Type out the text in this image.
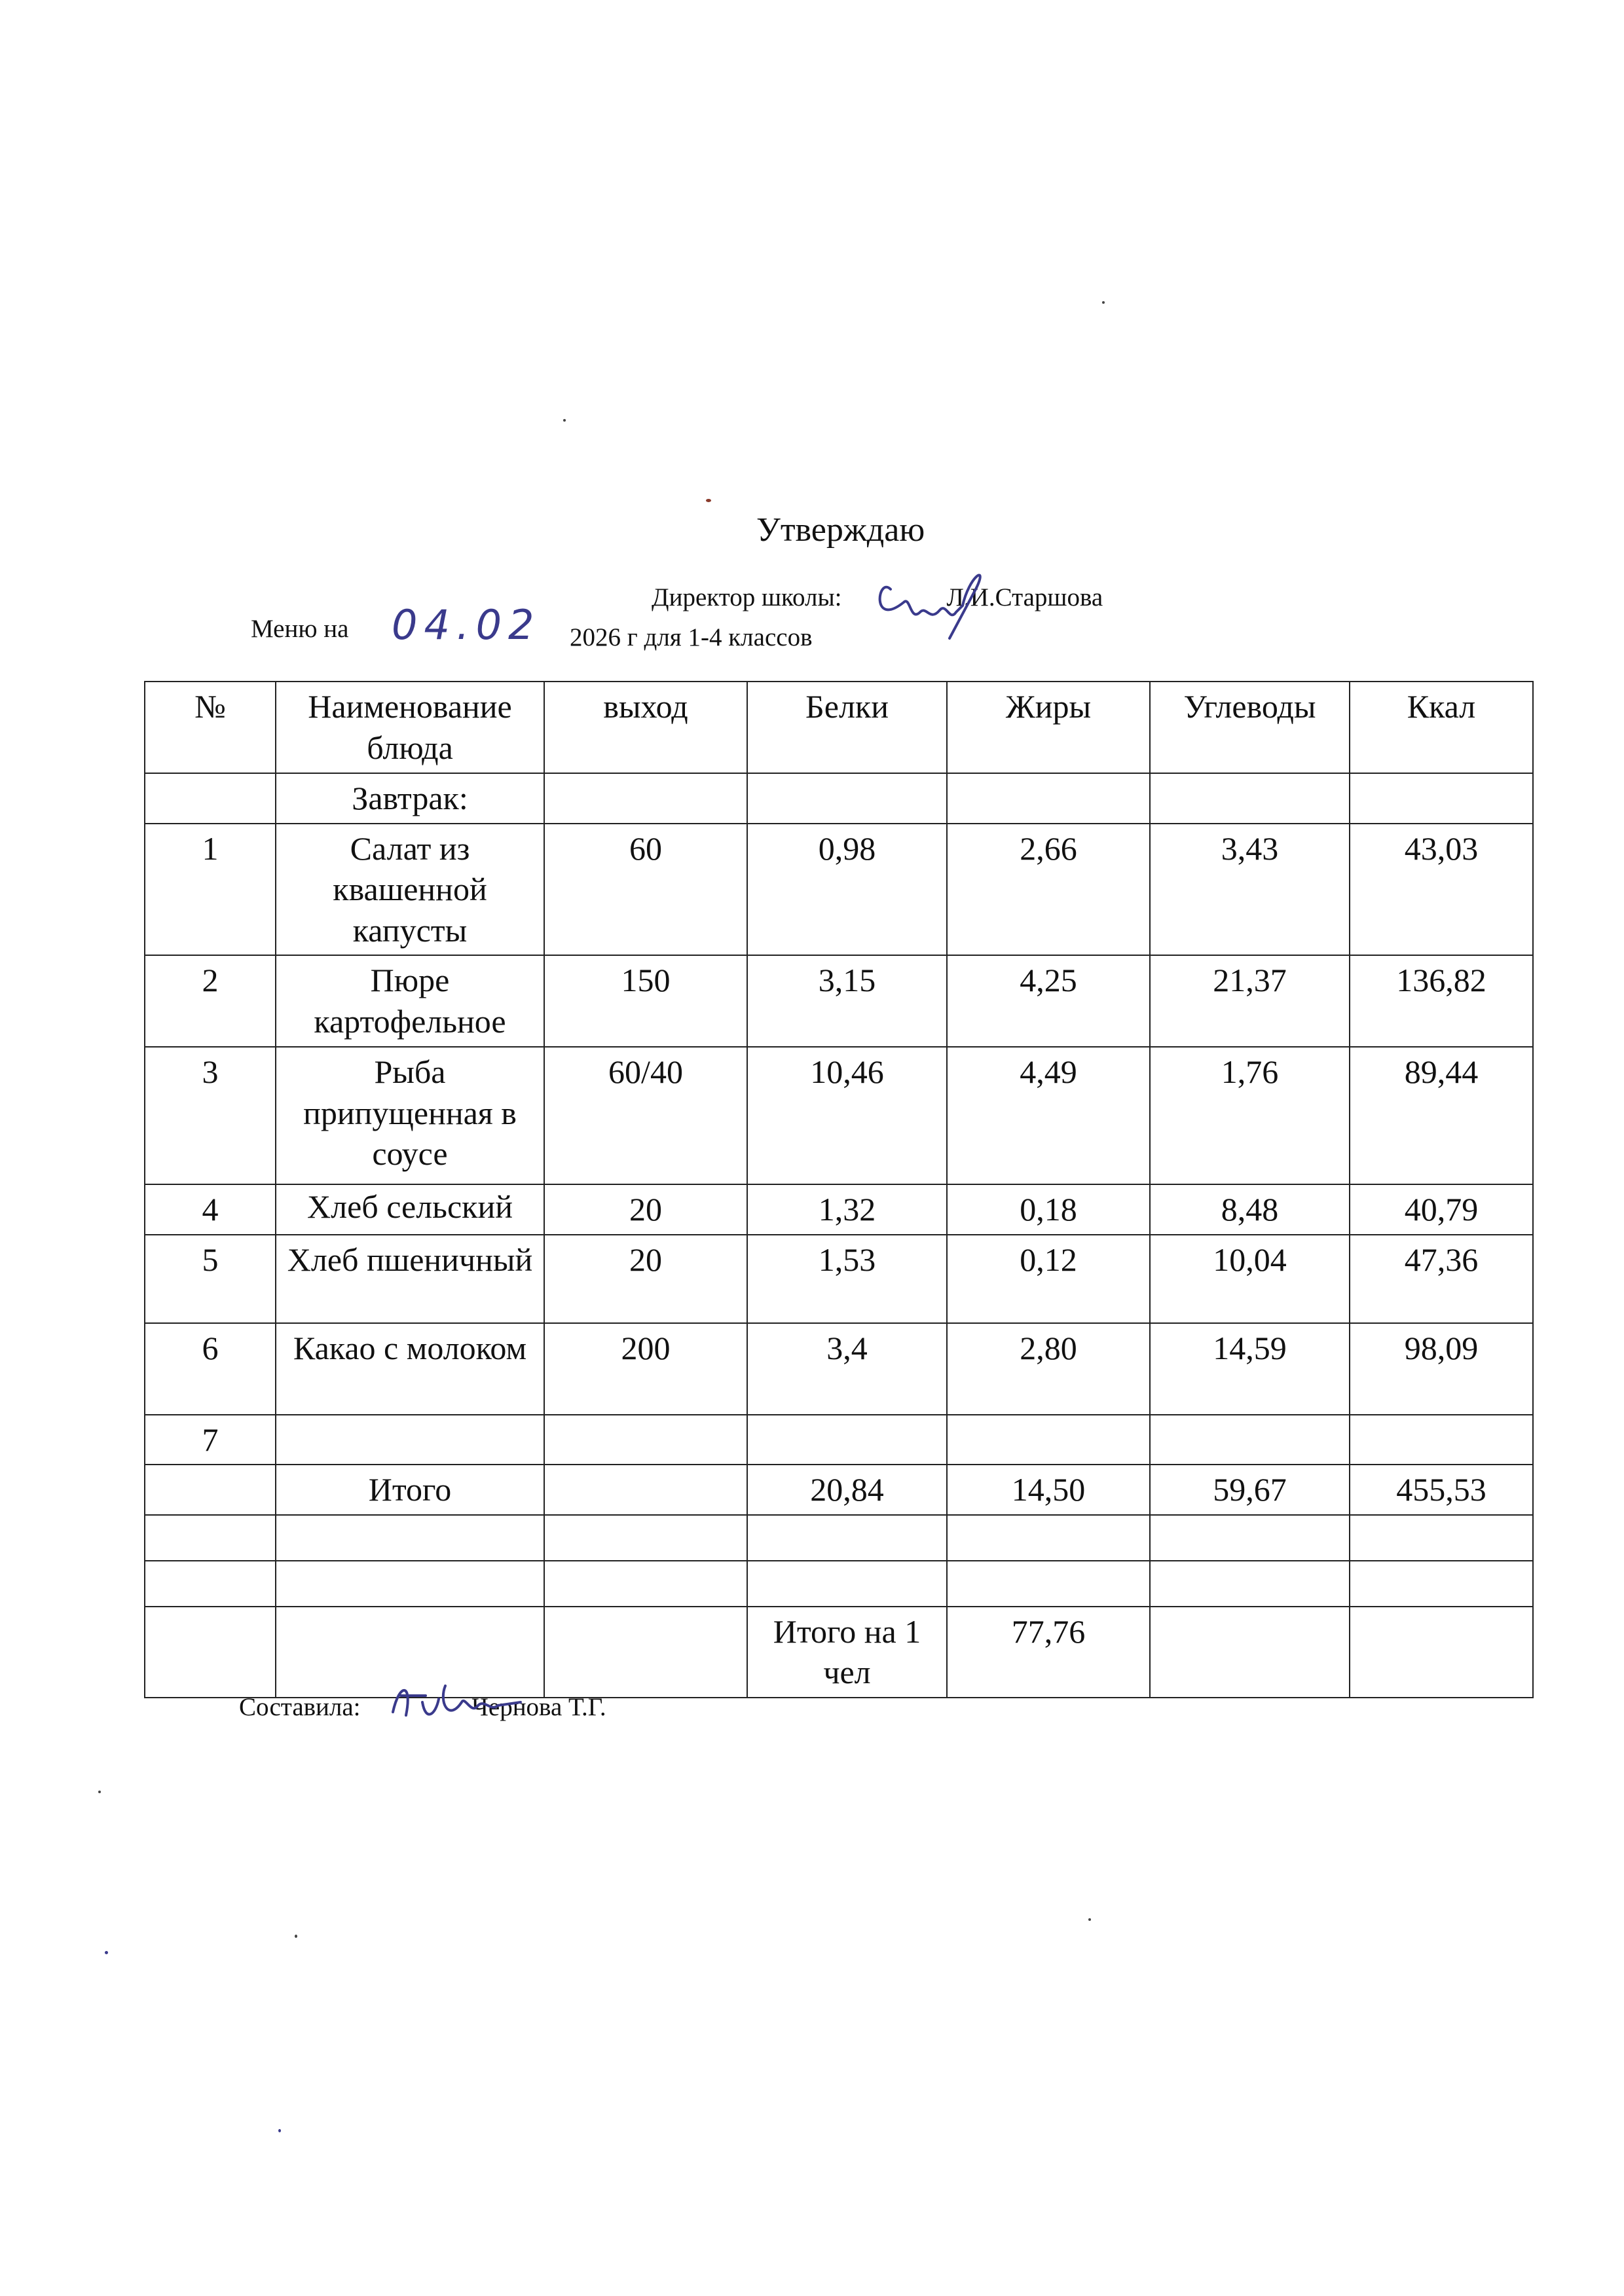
Утверждаю
Директор школы:	Л.И.Старшова
Меню на 04.02 2026 г для 1-4 классов
№	Наименование блюда	выход	Белки	Жиры	Углеводы	Ккал
	Завтрак:					
1	Салат из квашенной капусты	60	0,98	2,66	3,43	43,03
2	Пюре картофельное	150	3,15	4,25	21,37	136,82
3	Рыба припущенная в соусе	60/40	10,46	4,49	1,76	89,44
4	Хлеб сельский	20	1,32	0,18	8,48	40,79
5	Хлеб пшеничный	20	1,53	0,12	10,04	47,36
6	Какао с молоком	200	3,4	2,80	14,59	98,09
7						
	Итого		20,84	14,50	59,67	455,53

			Итого на 1 чел	77,76		
Составила:	Чернова Т.Г.
